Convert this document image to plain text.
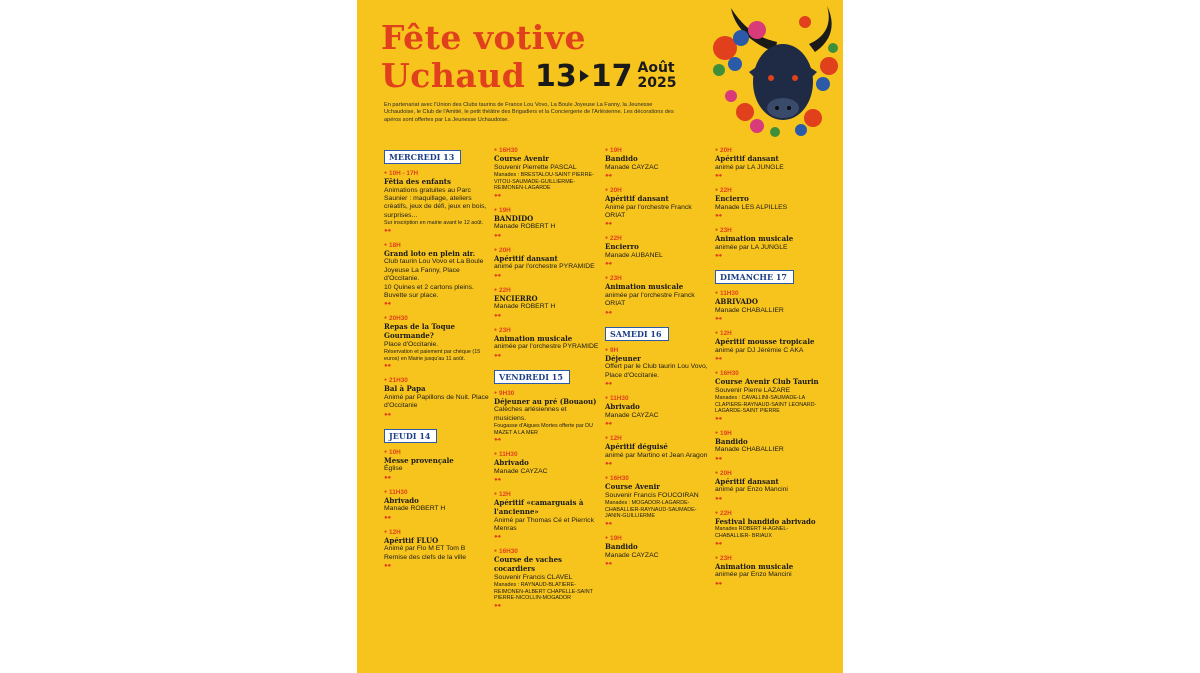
Fête votive
Uchaud 13 17 Août
2025
En partenariat avec l'Union des Clubs taurins de France Lou Vovo, La Boule Joyeuse La Fanny, la Jeunesse Uchaudoise, le Club de l'Amitié, le petit théâtre des Brigadiers et la Conciergerie de l'Arlésienne. Les décorations des apéros sont offertes par La Jeunesse Uchaudoise.
MERCREDI 13
● 10H - 17H
Fêtia des enfants
Animations gratuites au Parc Saunier : maquillage, ateliers créatifs, jeux de défi, jeux en bois, surprises...
Sur inscription en mairie avant le 12 août.
●-●
● 18H
Grand loto en plein air.
Club taurin Lou Vovo et La Boule Joyeuse La Fanny, Place d'Occitanie.
10 Quines et 2 cartons pleins. Buvette sur place.
●-●
● 20H30
Repas de la Toque Gourmande?
Place d'Occitanie.
Réservation et paiement par chèque (15 euros) en Mairie jusqu'au 11 août.
●-●
● 21H30
Bal à Papa
Animé par Papillons de Nuit. Place d'Occitanie
●-●
JEUDI 14
● 10H
Messe provençale
Église
●-●
● 11H30
Abrivado
Manade ROBERT H
●-●
● 12H
Apéritif FLUO
Animé par Flo M ET Tom B
Remise des clefs de la ville
●-●
● 16H30
Course Avenir
Souvenir Pierrette PASCAL
Manades : BRESTALOU-SAINT PIERRE-VITOU-SAUMADE-GUILLIERME-REIMONEN-LAGARDE
●-●
● 19H
BANDIDO
Manade ROBERT H
●-●
● 20H
Apéritif dansant
animé par l'orchestre PYRAMIDE
●-●
● 22H
ENCIERRO
Manade ROBERT H
●-●
● 23H
Animation musicale
animée par l'orchestre PYRAMIDE
●-●
VENDREDI 15
● 9H30
Déjeuner au pré (Bouaou)
Calèches arlésiennes et musiciens.
Fougasse d'Aigues Mortes offerte par DU MAZET A LA MER
●-●
● 11H30
Abrivado
Manade CAYZAC
●-●
● 12H
Apéritif «camarguais à l'ancienne»
Animé par Thomas Cé et Pierrick Menras
●-●
● 16H30
Course de vaches cocardiers
Souvenir Francis CLAVEL
Manades : RAYNAUD-BLATIERE-REIMONEN-ALBERT CHAPELLE-SAINT PIERRE-NICOLLIN-MOGADOR
●-●
● 19H
Bandido
Manade CAYZAC
●-●
● 20H
Apéritif dansant
Animé par l'orchestre Franck ORIAT
●-●
● 22H
Encierro
Manade AUBANEL
●-●
● 23H
Animation musicale
animée par l'orchestre Franck ORIAT
●-●
SAMEDI 16
● 9H
Déjeuner
Offert par le Club taurin Lou Vovo, Place d'Occitanie.
●-●
● 11H30
Abrivado
Manade CAYZAC
●-●
● 12H
Apéritif déguisé
animé par Martino et Jean Aragon
●-●
● 16H30
Course Avenir
Souvenir Francis FOUCOIRAN
Manades : MOGADOR-LAGARDE-CHABALLIER-RAYNAUD-SAUMADE-JANIN-GUILLIERME
●-●
● 19H
Bandido
Manade CAYZAC
●-●
● 20H
Apéritif dansant
animé par LA JUNGLE
●-●
● 22H
Encierro
Manade LES ALPILLES
●-●
● 23H
Animation musicale
animée par LA JUNGLE
●-●
DIMANCHE 17
● 11H30
ABRIVADO
Manade CHABALLIER
●-●
● 12H
Apéritif mousse tropicale
animé par DJ Jérémie C AKA
●-●
● 16H30
Course Avenir Club Taurin
Souvenir Pierre LAZARE
Manades : CAVALLINI-SAUMADE-LA CLAPIERE-RAYNAUD-SAINT LEONARD-LAGARDE-SAINT PIERRE
●-●
● 19H
Bandido
Manade CHABALLIER
●-●
● 20H
Apéritif dansant
animé par Enzo Mancini
●-●
● 22H
Festival bandido abrivado
Manades ROBERT H-AGNEL-CHABALLIER- BRIAUX
●-●
● 23H
Animation musicale
animée par Enzo Mancini
●-●
